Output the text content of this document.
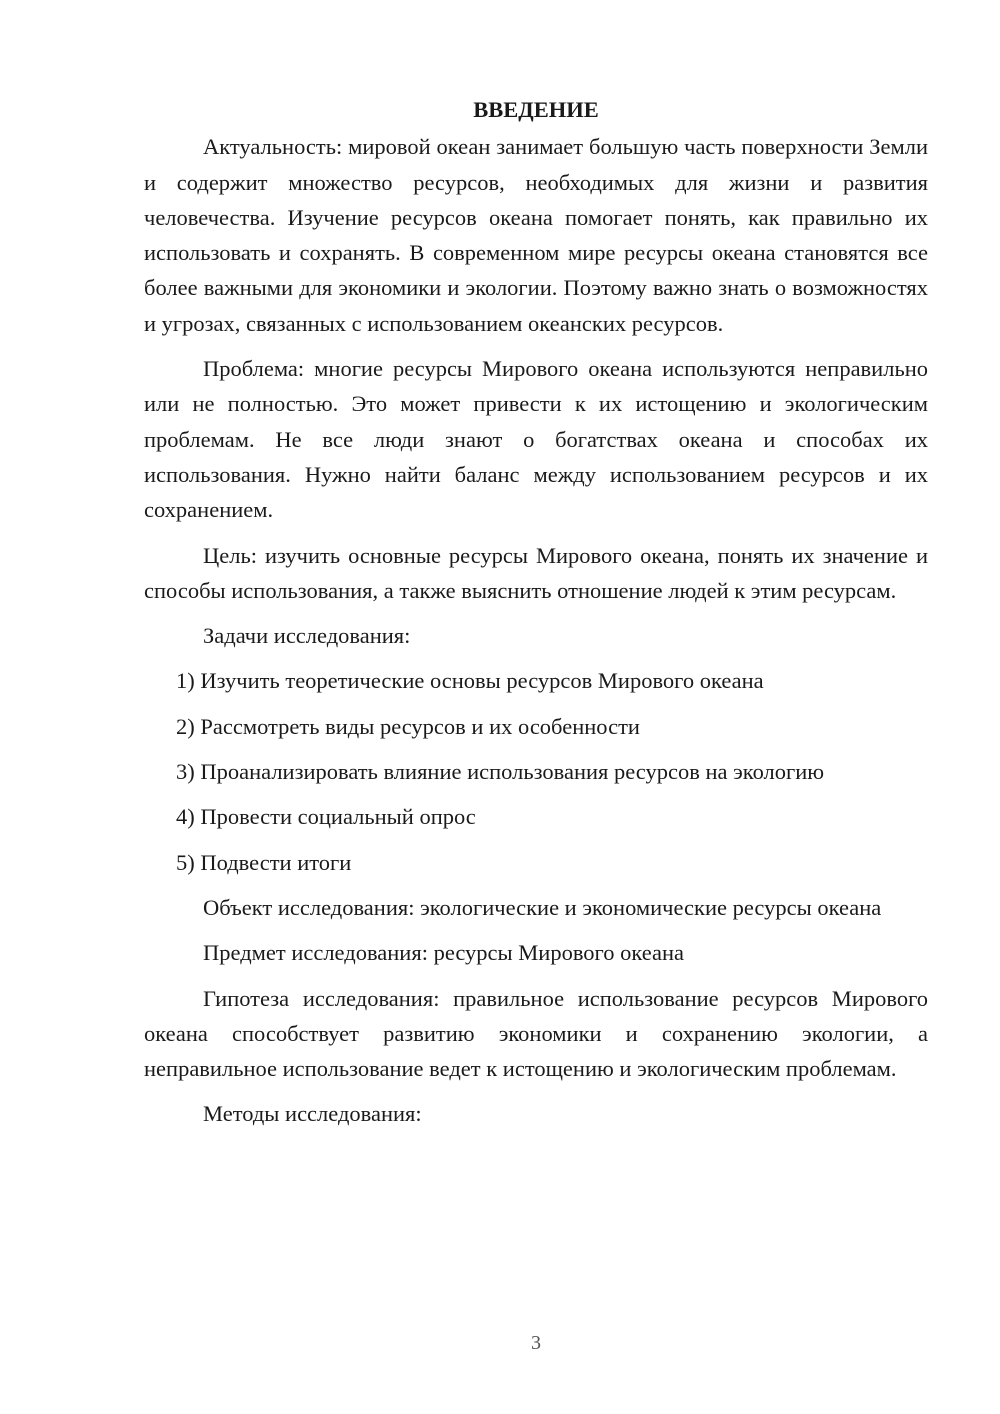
ВВЕДЕНИЕ

Актуальность: мировой океан занимает большую часть поверхности Земли и содержит множество ресурсов, необходимых для жизни и развития человечества. Изучение ресурсов океана помогает понять, как правильно их использовать и сохранять. В современном мире ресурсы океана становятся все более важными для экономики и экологии. Поэтому важно знать о возможностях и угрозах, связанных с использованием океанских ресурсов.

Проблема: многие ресурсы Мирового океана используются неправильно или не полностью. Это может привести к их истощению и экологическим проблемам. Не все люди знают о богатствах океана и способах их использования. Нужно найти баланс между использованием ресурсов и их сохранением.

Цель: изучить основные ресурсы Мирового океана, понять их значение и способы использования, а также выяснить отношение людей к этим ресурсам.

Задачи исследования:

1) Изучить теоретические основы ресурсов Мирового океана
2) Рассмотреть виды ресурсов и их особенности
3) Проанализировать влияние использования ресурсов на экологию
4) Провести социальный опрос
5) Подвести итоги

Объект исследования: экологические и экономические ресурсы океана

Предмет исследования: ресурсы Мирового океана

Гипотеза исследования: правильное использование ресурсов Мирового океана способствует развитию экономики и сохранению экологии, а неправильное использование ведет к истощению и экологическим проблемам.

Методы исследования:

3
